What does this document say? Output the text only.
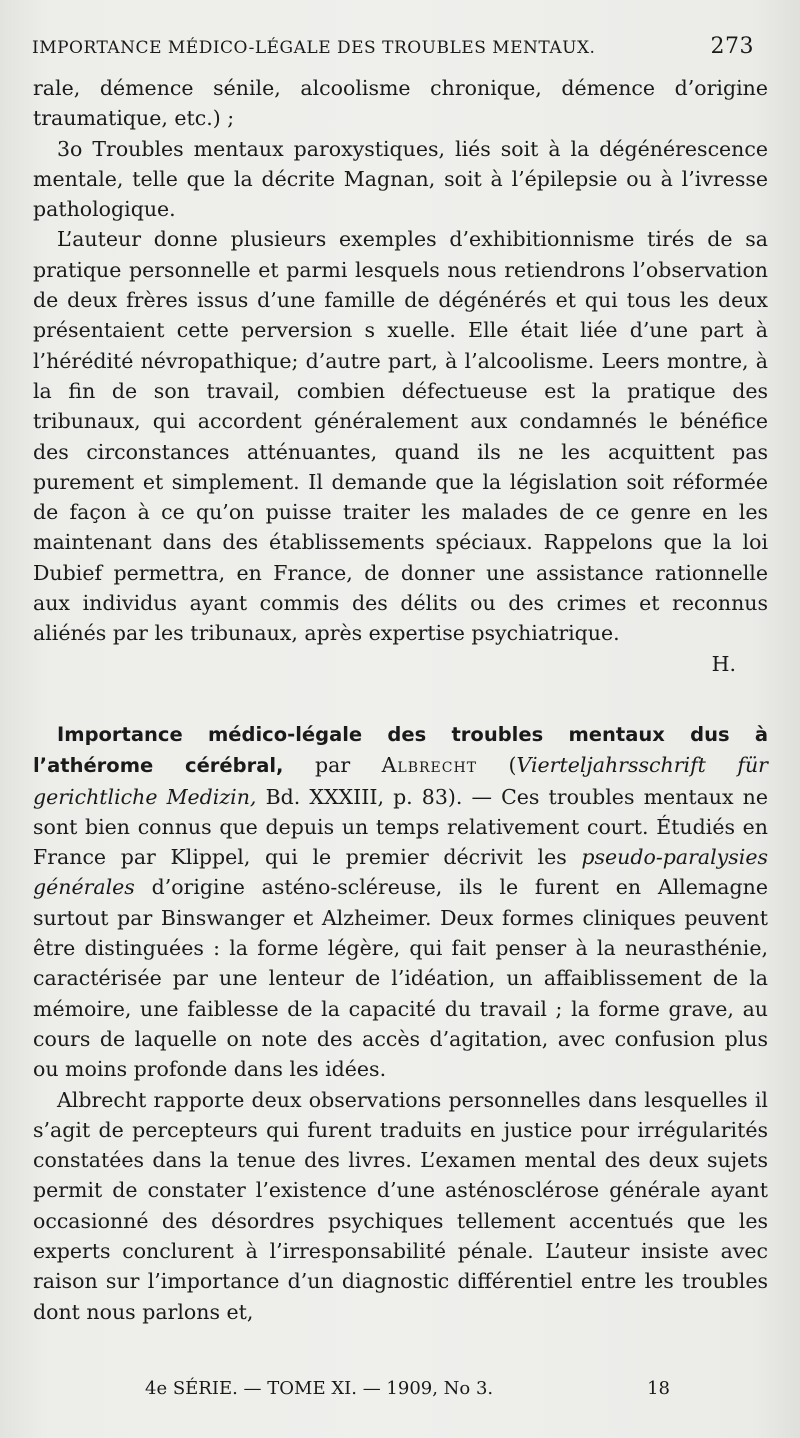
IMPORTANCE MÉDICO-LÉGALE DES TROUBLES MENTAUX.	273

rale, démence sénile, alcoolisme chronique, démence d’origine traumatique, etc.) ;

3o Troubles mentaux paroxystiques, liés soit à la dégénérescence mentale, telle que la décrite Magnan, soit à l’épilepsie ou à l’ivresse pathologique.

L’auteur donne plusieurs exemples d’exhibitionnisme tirés de sa pratique personnelle et parmi lesquels nous retiendrons l’observation de deux frères issus d’une famille de dégénérés et qui tous les deux présentaient cette perversion s xuelle. Elle était liée d’une part à l’hérédité névropathique; d’autre part, à l’alcoolisme. Leers montre, à la fin de son travail, combien défectueuse est la pratique des tribunaux, qui accordent généralement aux condamnés le bénéfice des circonstances atténuantes, quand ils ne les acquittent pas purement et simplement. Il demande que la législation soit réformée de façon à ce qu’on puisse traiter les malades de ce genre en les maintenant dans des établissements spéciaux. Rappelons que la loi Dubief permettra, en France, de donner une assistance rationnelle aux individus ayant commis des délits ou des crimes et reconnus aliénés par les tribunaux, après expertise psychiatrique.

H.

Importance médico-légale des troubles mentaux dus à l’athérome cérébral, par Albrecht (Vierteljahrsschrift für gerichtliche Medizin, Bd. XXXIII, p. 83). — Ces troubles mentaux ne sont bien connus que depuis un temps relativement court. Étudiés en France par Klippel, qui le premier décrivit les pseudo-paralysies générales d’origine asténo-scléreuse, ils le furent en Allemagne surtout par Binswanger et Alzheimer. Deux formes cliniques peuvent être distinguées : la forme légère, qui fait penser à la neurasthénie, caractérisée par une lenteur de l’idéation, un affaiblissement de la mémoire, une faiblesse de la capacité du travail ; la forme grave, au cours de laquelle on note des accès d’agitation, avec confusion plus ou moins profonde dans les idées.

Albrecht rapporte deux observations personnelles dans lesquelles il s’agit de percepteurs qui furent traduits en justice pour irrégularités constatées dans la tenue des livres. L’examen mental des deux sujets permit de constater l’existence d’une asténosclérose générale ayant occasionné des désordres psychiques tellement accentués que les experts conclurent à l’irresponsabilité pénale. L’auteur insiste avec raison sur l’importance d’un diagnostic différentiel entre les troubles dont nous parlons et,

4e SÉRIE. — TOME XI. — 1909, No 3.	18
